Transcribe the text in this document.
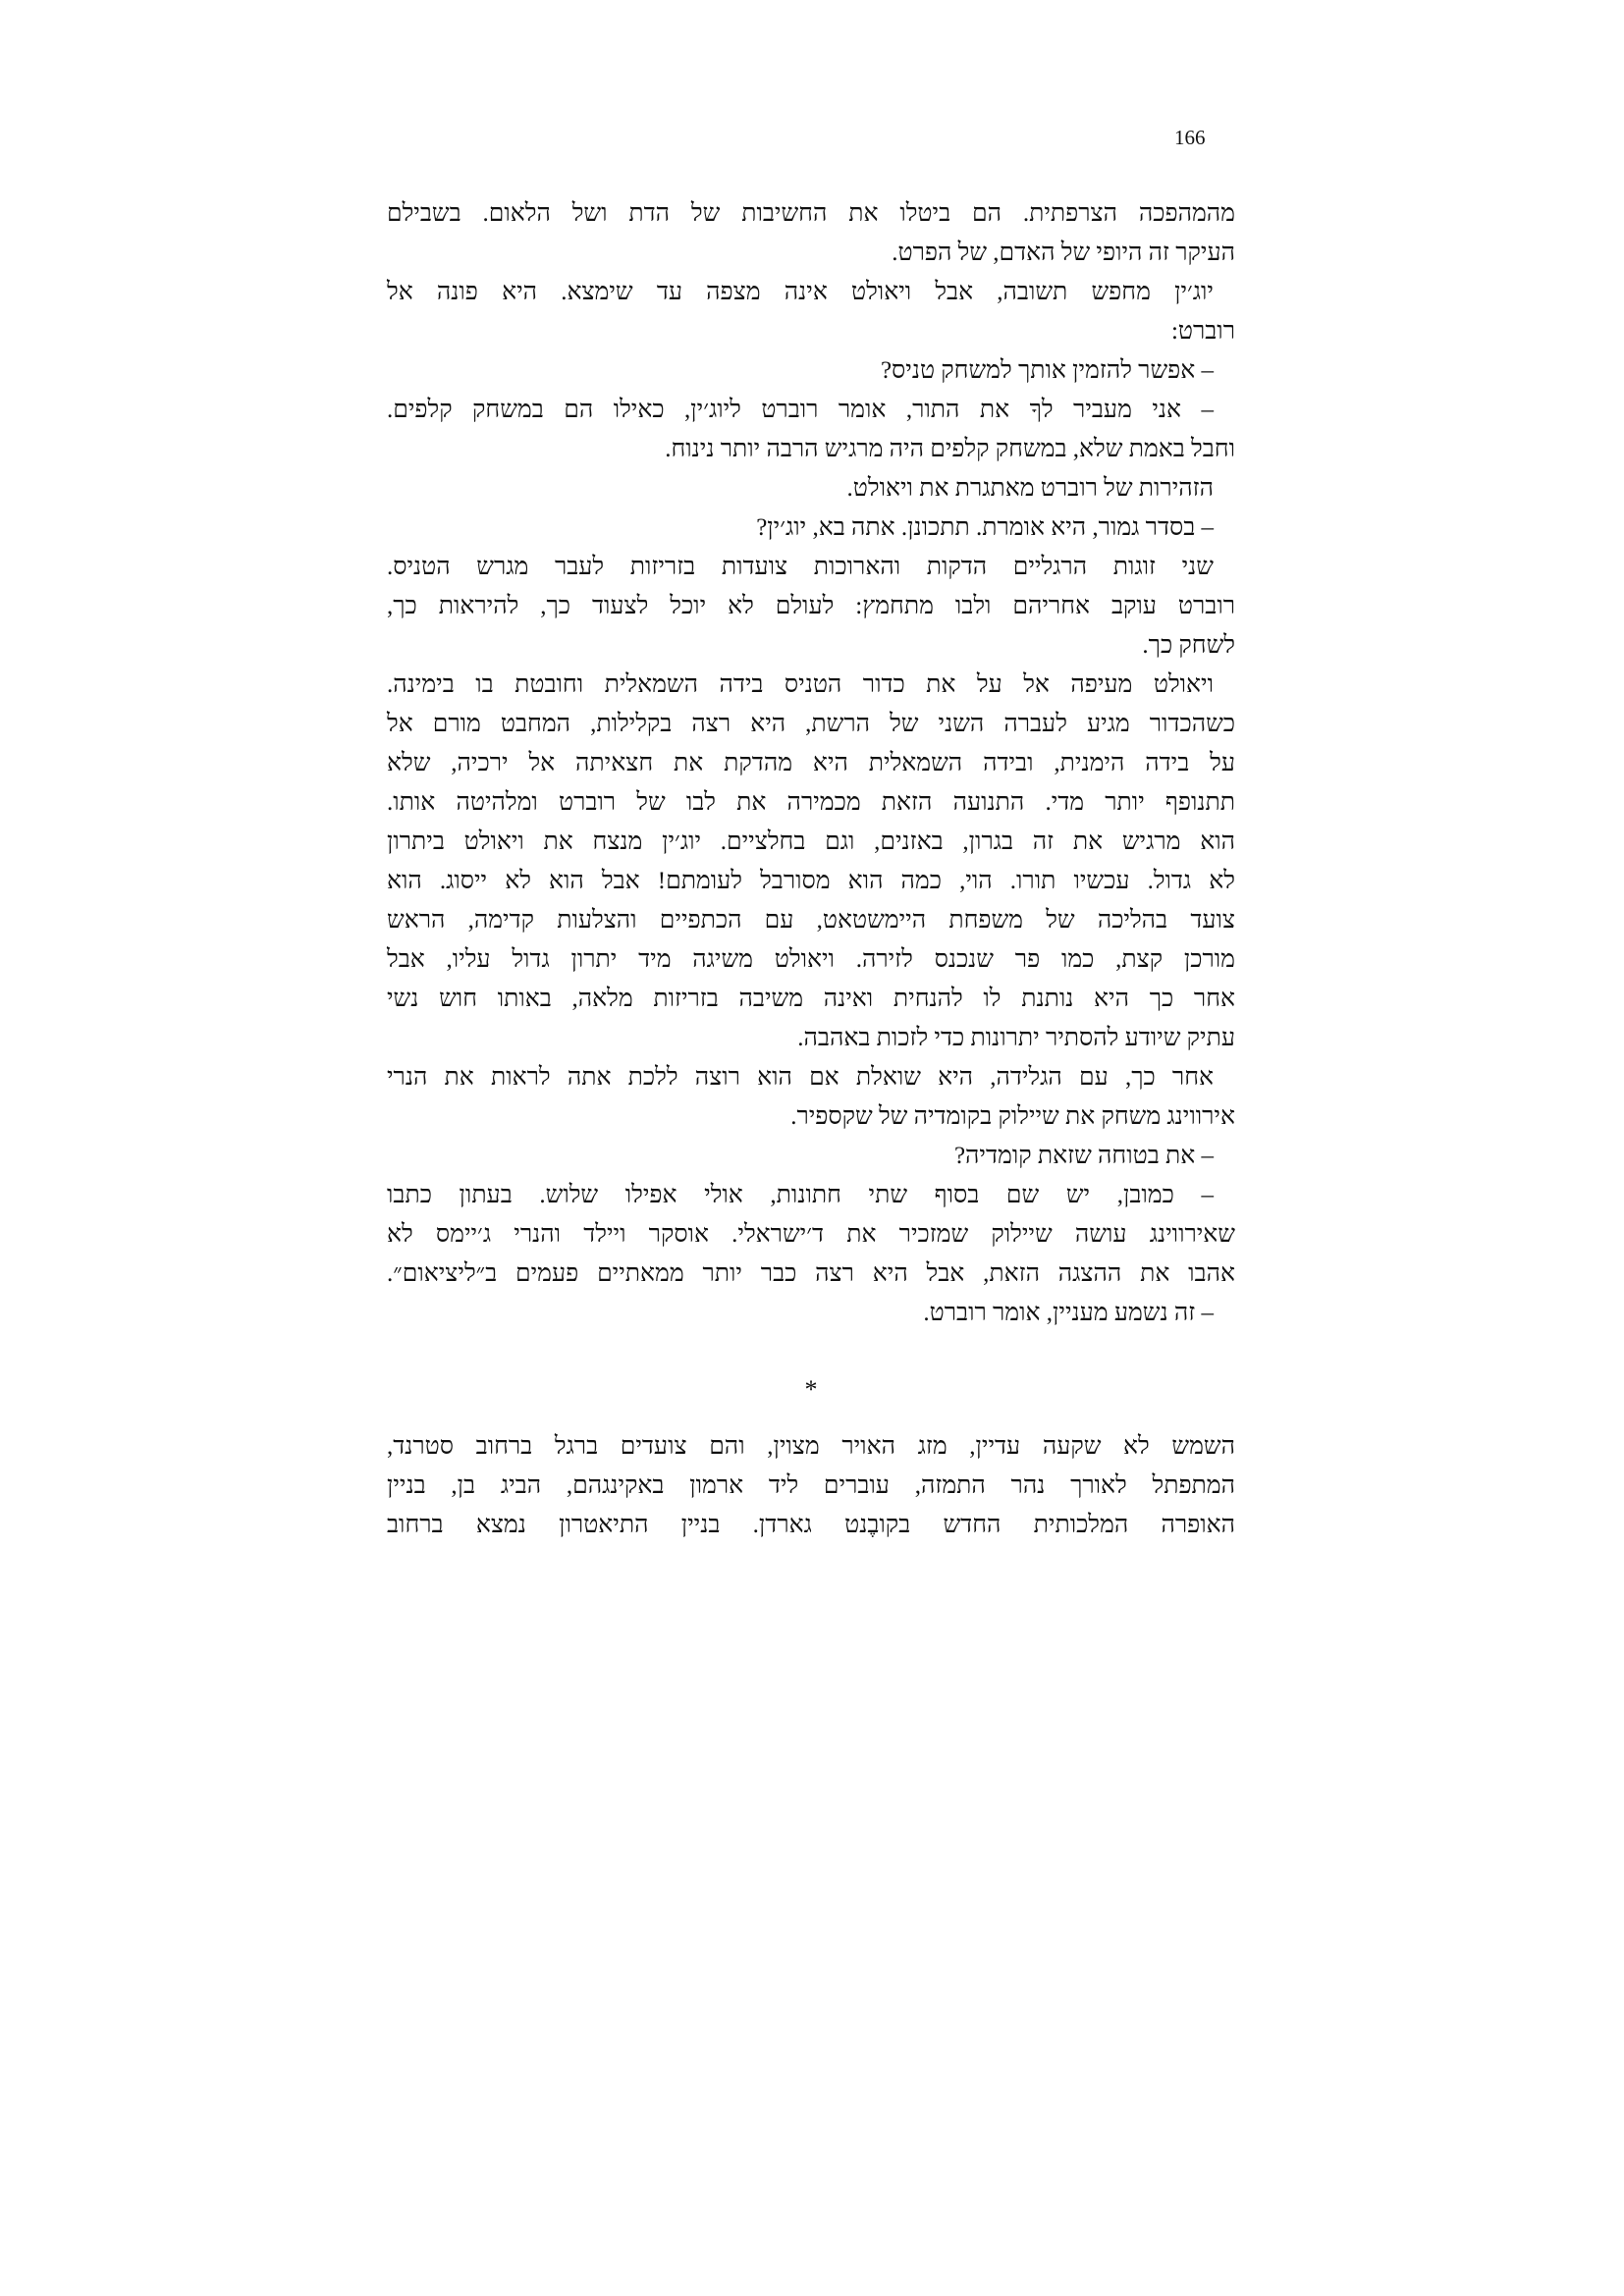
166
מהמהפכה הצרפתית. הם ביטלו את החשיבות של הדת ושל הלאום. בשבילם
העיקר זה היופי של האדם, של הפרט.
יוג׳ין מחפש תשובה, אבל ויאולט אינה מצפה עד שימצא. היא פונה אל
רוברט:
– אפשר להזמין אותך למשחק טניס?
– אני מעביר לךָ את התור, אומר רוברט ליוג׳ין, כאילו הם במשחק קלפים.
וחבל באמת שלא, במשחק קלפים היה מרגיש הרבה יותר נינוח.
הזהירות של רוברט מאתגרת את ויאולט.
– בסדר גמור, היא אומרת. תתכונן. אתה בא, יוג׳ין?
שני זוגות הרגליים הדקות והארוכות צועדות בזריזות לעבר מגרש הטניס.
רוברט עוקב אחריהם ולבו מתחמץ: לעולם לא יוכל לצעוד כך, להיראות כך,
לשחק כך.
ויאולט מעיפה אל על את כדור הטניס בידה השמאלית וחובטת בו בימינה.
כשהכדור מגיע לעברה השני של הרשת, היא רצה בקלילות, המחבט מורם אל
על בידה הימנית, ובידה השמאלית היא מהדקת את חצאיתה אל ירכיה, שלא
תתנופף יותר מדי. התנועה הזאת מכמירה את לבו של רוברט ומלהיטה אותו.
הוא מרגיש את זה בגרון, באזנים, וגם בחלציים. יוג׳ין מנצח את ויאולט ביתרון
לא גדול. עכשיו תורו. הוי, כמה הוא מסורבל לעומתם! אבל הוא לא ייסוג. הוא
צועד בהליכה של משפחת היימשטאט, עם הכתפיים והצלעות קדימה, הראש
מורכן קצת, כמו פר שנכנס לזירה. ויאולט משיגה מיד יתרון גדול עליו, אבל
אחר כך היא נותנת לו להנחית ואינה משיבה בזריזות מלאה, באותו חוש נשי
עתיק שיודע להסתיר יתרונות כדי לזכות באהבה.
אחר כך, עם הגלידה, היא שואלת אם הוא רוצה ללכת אתה לראות את הנרי
אירווינג משחק את שיילוק בקומדיה של שקספיר.
– את בטוחה שזאת קומדיה?
– כמובן, יש שם בסוף שתי חתונות, אולי אפילו שלוש. בעתון כתבו
שאירווינג עושה שיילוק שמזכיר את ד׳ישראלי. אוסקר ויילד והנרי ג׳יימס לא
אהבו את ההצגה הזאת, אבל היא רצה כבר יותר ממאתיים פעמים ב״ליציאום״.
– זה נשמע מעניין, אומר רוברט.
*
השמש לא שקעה עדיין, מזג האויר מצוין, והם צועדים ברגל ברחוב סטרנד,
המתפתל לאורך נהר התמזה, עוברים ליד ארמון באקינגהם, הביג בן, בניין
האופרה המלכותית החדש בקובֶנט גארדן. בניין התיאטרון נמצא ברחוב
